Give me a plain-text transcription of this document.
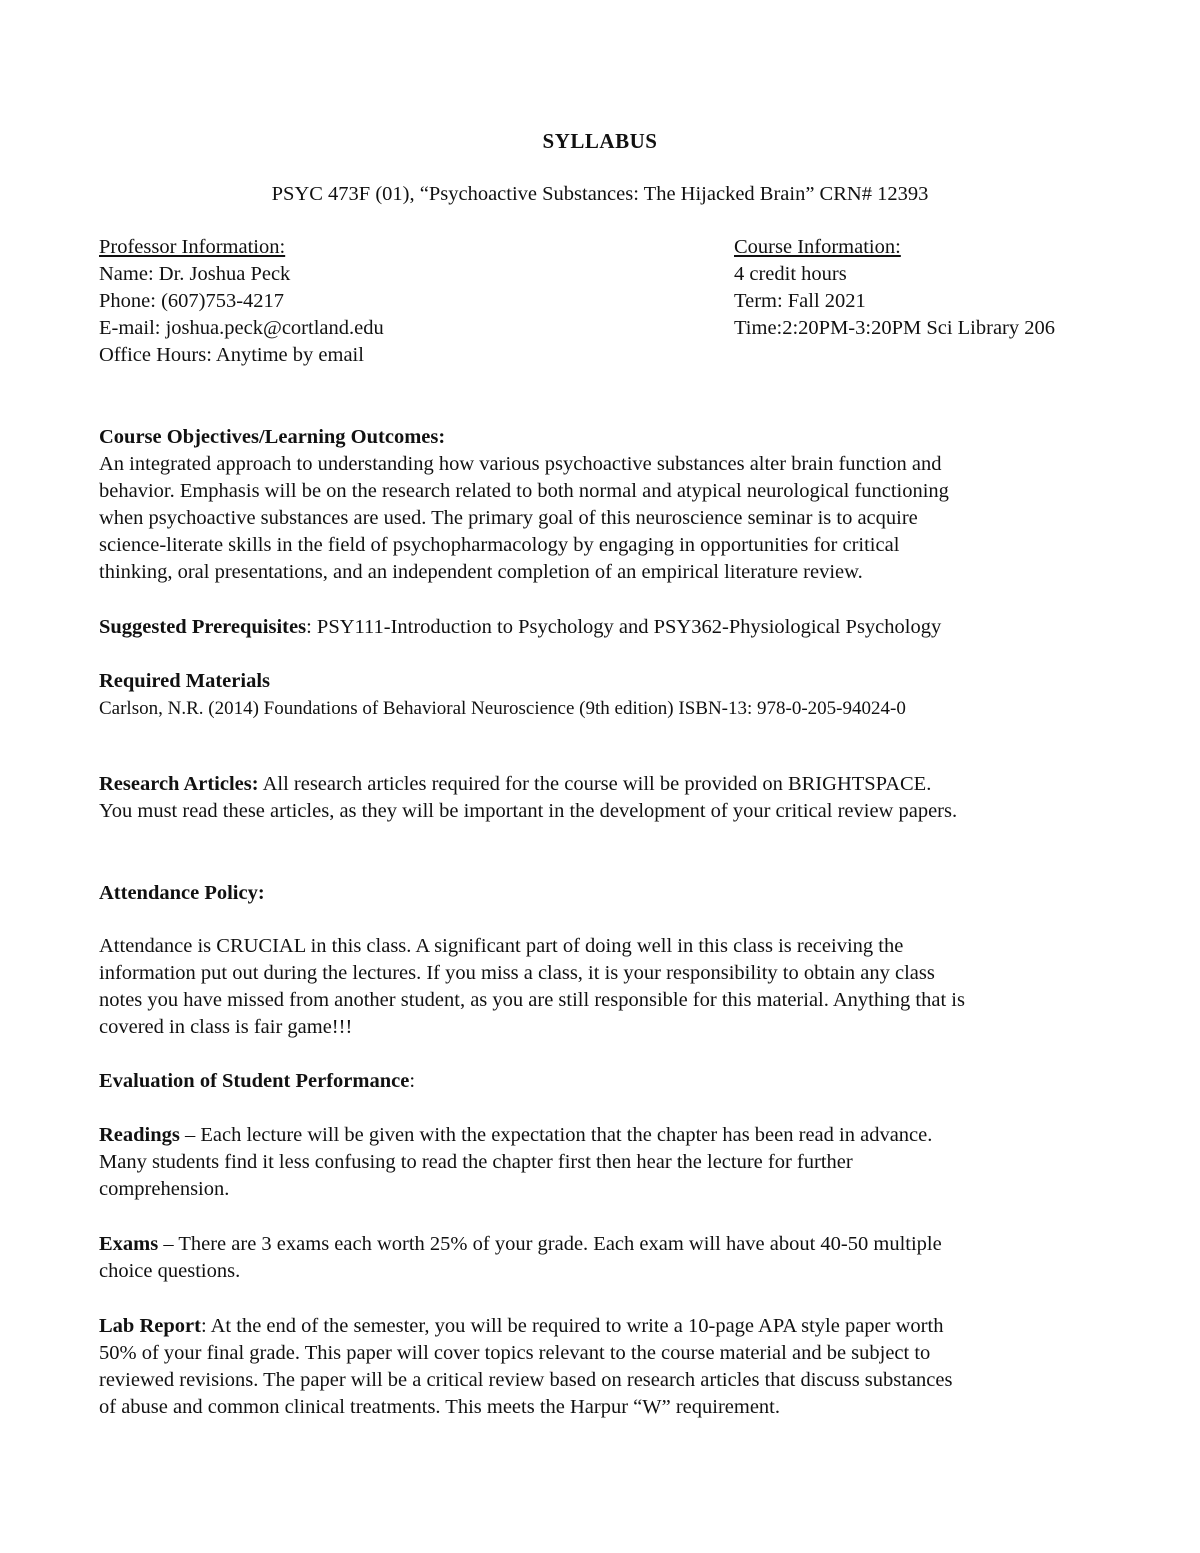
SYLLABUS
PSYC 473F (01), “Psychoactive Substances: The Hijacked Brain” CRN# 12393
Professor Information:
Name: Dr. Joshua Peck
Phone: (607)753-4217
E-mail: joshua.peck@cortland.edu
Office Hours: Anytime by email
Course Information:
4 credit hours
Term: Fall 2021
Time:2:20PM-3:20PM Sci Library 206
Course Objectives/Learning Outcomes:
An integrated approach to understanding how various psychoactive substances alter brain function and
behavior. Emphasis will be on the research related to both normal and atypical neurological functioning
when psychoactive substances are used. The primary goal of this neuroscience seminar is to acquire
science-literate skills in the field of psychopharmacology by engaging in opportunities for critical
thinking, oral presentations, and an independent completion of an empirical literature review.
Suggested Prerequisites: PSY111-Introduction to Psychology and PSY362-Physiological Psychology
Required Materials
Carlson, N.R. (2014) Foundations of Behavioral Neuroscience (9th edition) ISBN-13: 978-0-205-94024-0
Research Articles: All research articles required for the course will be provided on BRIGHTSPACE.
You must read these articles, as they will be important in the development of your critical review papers.
Attendance Policy:
Attendance is CRUCIAL in this class. A significant part of doing well in this class is receiving the
information put out during the lectures. If you miss a class, it is your responsibility to obtain any class
notes you have missed from another student, as you are still responsible for this material. Anything that is
covered in class is fair game!!!
Evaluation of Student Performance:
Readings – Each lecture will be given with the expectation that the chapter has been read in advance.
Many students find it less confusing to read the chapter first then hear the lecture for further
comprehension.
Exams – There are 3 exams each worth 25% of your grade. Each exam will have about 40-50 multiple
choice questions.
Lab Report: At the end of the semester, you will be required to write a 10-page APA style paper worth
50% of your final grade. This paper will cover topics relevant to the course material and be subject to
reviewed revisions. The paper will be a critical review based on research articles that discuss substances
of abuse and common clinical treatments. This meets the Harpur “W” requirement.
